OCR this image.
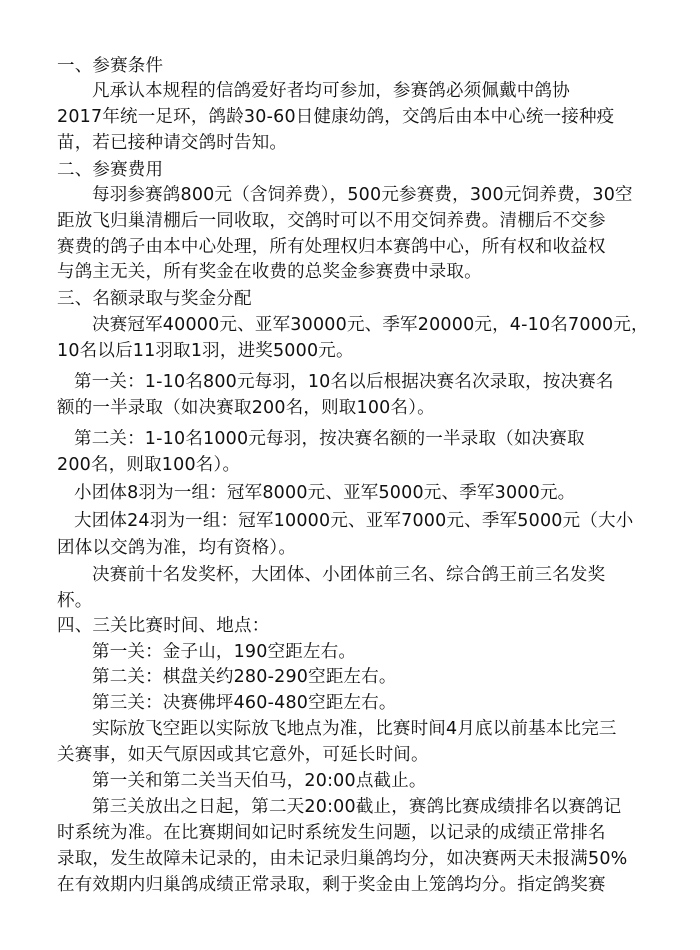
一、参赛条件
凡承认本规程的信鸽爱好者均可参加，参赛鸽必须佩戴中鸽协
2017年统一足环，鸽龄30-60日健康幼鸽，交鸽后由本中心统一接种疫
苗，若已接种请交鸽时告知。
二、参赛费用
每羽参赛鸽800元（含饲养费），500元参赛费，300元饲养费，30空
距放飞归巢清棚后一同收取，交鸽时可以不用交饲养费。清棚后不交参
赛费的鸽子由本中心处理，所有处理权归本赛鸽中心，所有权和收益权
与鸽主无关，所有奖金在收费的总奖金参赛费中录取。
三、名额录取与奖金分配
决赛冠军40000元、亚军30000元、季军20000元，4-10名7000元，
10名以后11羽取1羽，进奖5000元。
第一关：1-10名800元每羽，10名以后根据决赛名次录取，按决赛名
额的一半录取（如决赛取200名，则取100名）。
第二关：1-10名1000元每羽，按决赛名额的一半录取（如决赛取
200名，则取100名）。
小团体8羽为一组：冠军8000元、亚军5000元、季军3000元。
大团体24羽为一组：冠军10000元、亚军7000元、季军5000元（大小
团体以交鸽为准，均有资格）。
决赛前十名发奖杯，大团体、小团体前三名、综合鸽王前三名发奖
杯。
四、三关比赛时间、地点：
第一关：金子山，190空距左右。
第二关：棋盘关约280-290空距左右。
第三关：决赛佛坪460-480空距左右。
实际放飞空距以实际放飞地点为准，比赛时间4月底以前基本比完三
关赛事，如天气原因或其它意外，可延长时间。
第一关和第二关当天伯马，20:00点截止。
第三关放出之日起，第二天20:00截止，赛鸽比赛成绩排名以赛鸽记
时系统为准。在比赛期间如记时系统发生问题，以记录的成绩正常排名
录取，发生故障未记录的，由未记录归巢鸽均分，如决赛两天未报满50%
在有效期内归巢鸽成绩正常录取，剩于奖金由上笼鸽均分。指定鸽奖赛
